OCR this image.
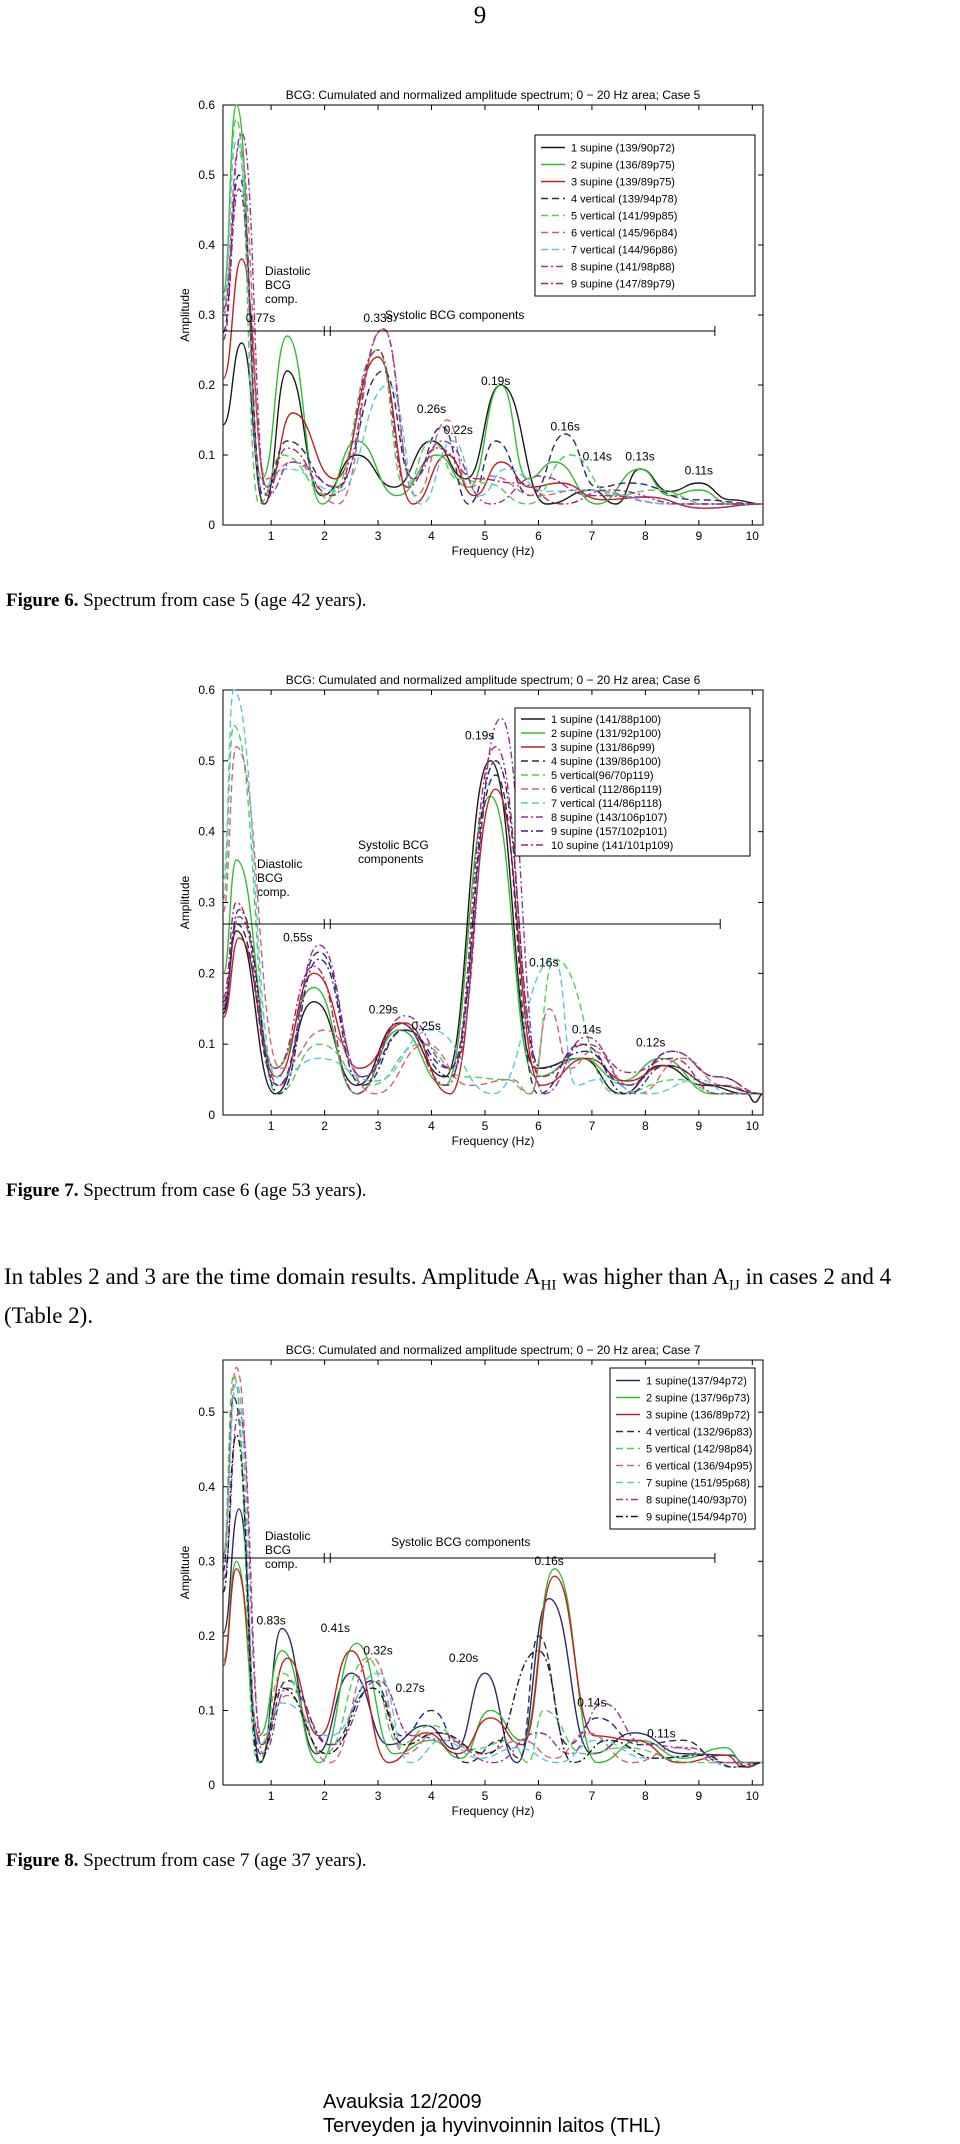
9
BCG: Cumulated and normalized amplitude spectrum; 0 − 20 Hz area; Case 5
1	2	3	4	5	6	7	8	9	10
0
0.1
0.2
0.3
0.4
0.5
0.6
Frequency (Hz)
Amplitude
1 supine (139/90p72)
2 supine (136/89p75)
3 supine (139/89p75)
4 vertical (139/94p78)
5 vertical (141/99p85)
6 vertical (145/96p84)
7 vertical (144/96p86)
8 supine (141/98p88)
9 supine (147/89p79)
Diastolic
BCG
comp.
Systolic BCG components
0.77s	0.33s
0.26s
0.22s
0.19s
0.16s
0.14s 0.13s
0.11s
Figure 6. Spectrum from case 5 (age 42 years).
BCG: Cumulated and normalized amplitude spectrum; 0 − 20 Hz area; Case 6
1	2	3	4	5	6	7	8	9	10
0
0.1
0.2
0.3
0.4
0.5
0.6
Frequency (Hz)
Amplitude
1 supine (141/88p100)
2 supine (131/92p100)
3 supine (131/86p99)
4 supine (139/86p100)
5 vertical(96/70p119)
6 vertical (112/86p119)
7 vertical (114/86p118)
8 supine (143/106p107)
9 supine (157/102p101)
10 supine (141/101p109)
Diastolic
BCG
comp.
Systolic BCG
components
0.55s
0.29s
0.25s
0.19s
0.16s
0.14s
0.12s
Figure 7. Spectrum from case 6 (age 53 years).
In tables 2 and 3 are the time domain results. Amplitude $A_{HI}$ was higher than $A_{IJ}$ in cases 2 and 4 (Table 2).
BCG: Cumulated and normalized amplitude spectrum; 0 − 20 Hz area; Case 7
1	2	3	4	5	6	7	8	9	10
0
0.1
0.2
0.3
0.4
0.5
Frequency (Hz)
Amplitude
1 supine(137/94p72)
2 supine (137/96p73)
3 supine (136/89p72)
4 vertical (132/96p83)
5 vertical (142/98p84)
6 vertical (136/94p95)
7 supine (151/95p68)
8 supine(140/93p70)
9 supine(154/94p70)
Diastolic
BCG
comp.
Systolic BCG components
0.83s
0.41s
0.32s
0.27s
0.20s
0.16s
0.14s
0.11s
Figure 8. Spectrum from case 7 (age 37 years).
Avauksia 12/2009
Terveyden ja hyvinvoinnin laitos (THL)
